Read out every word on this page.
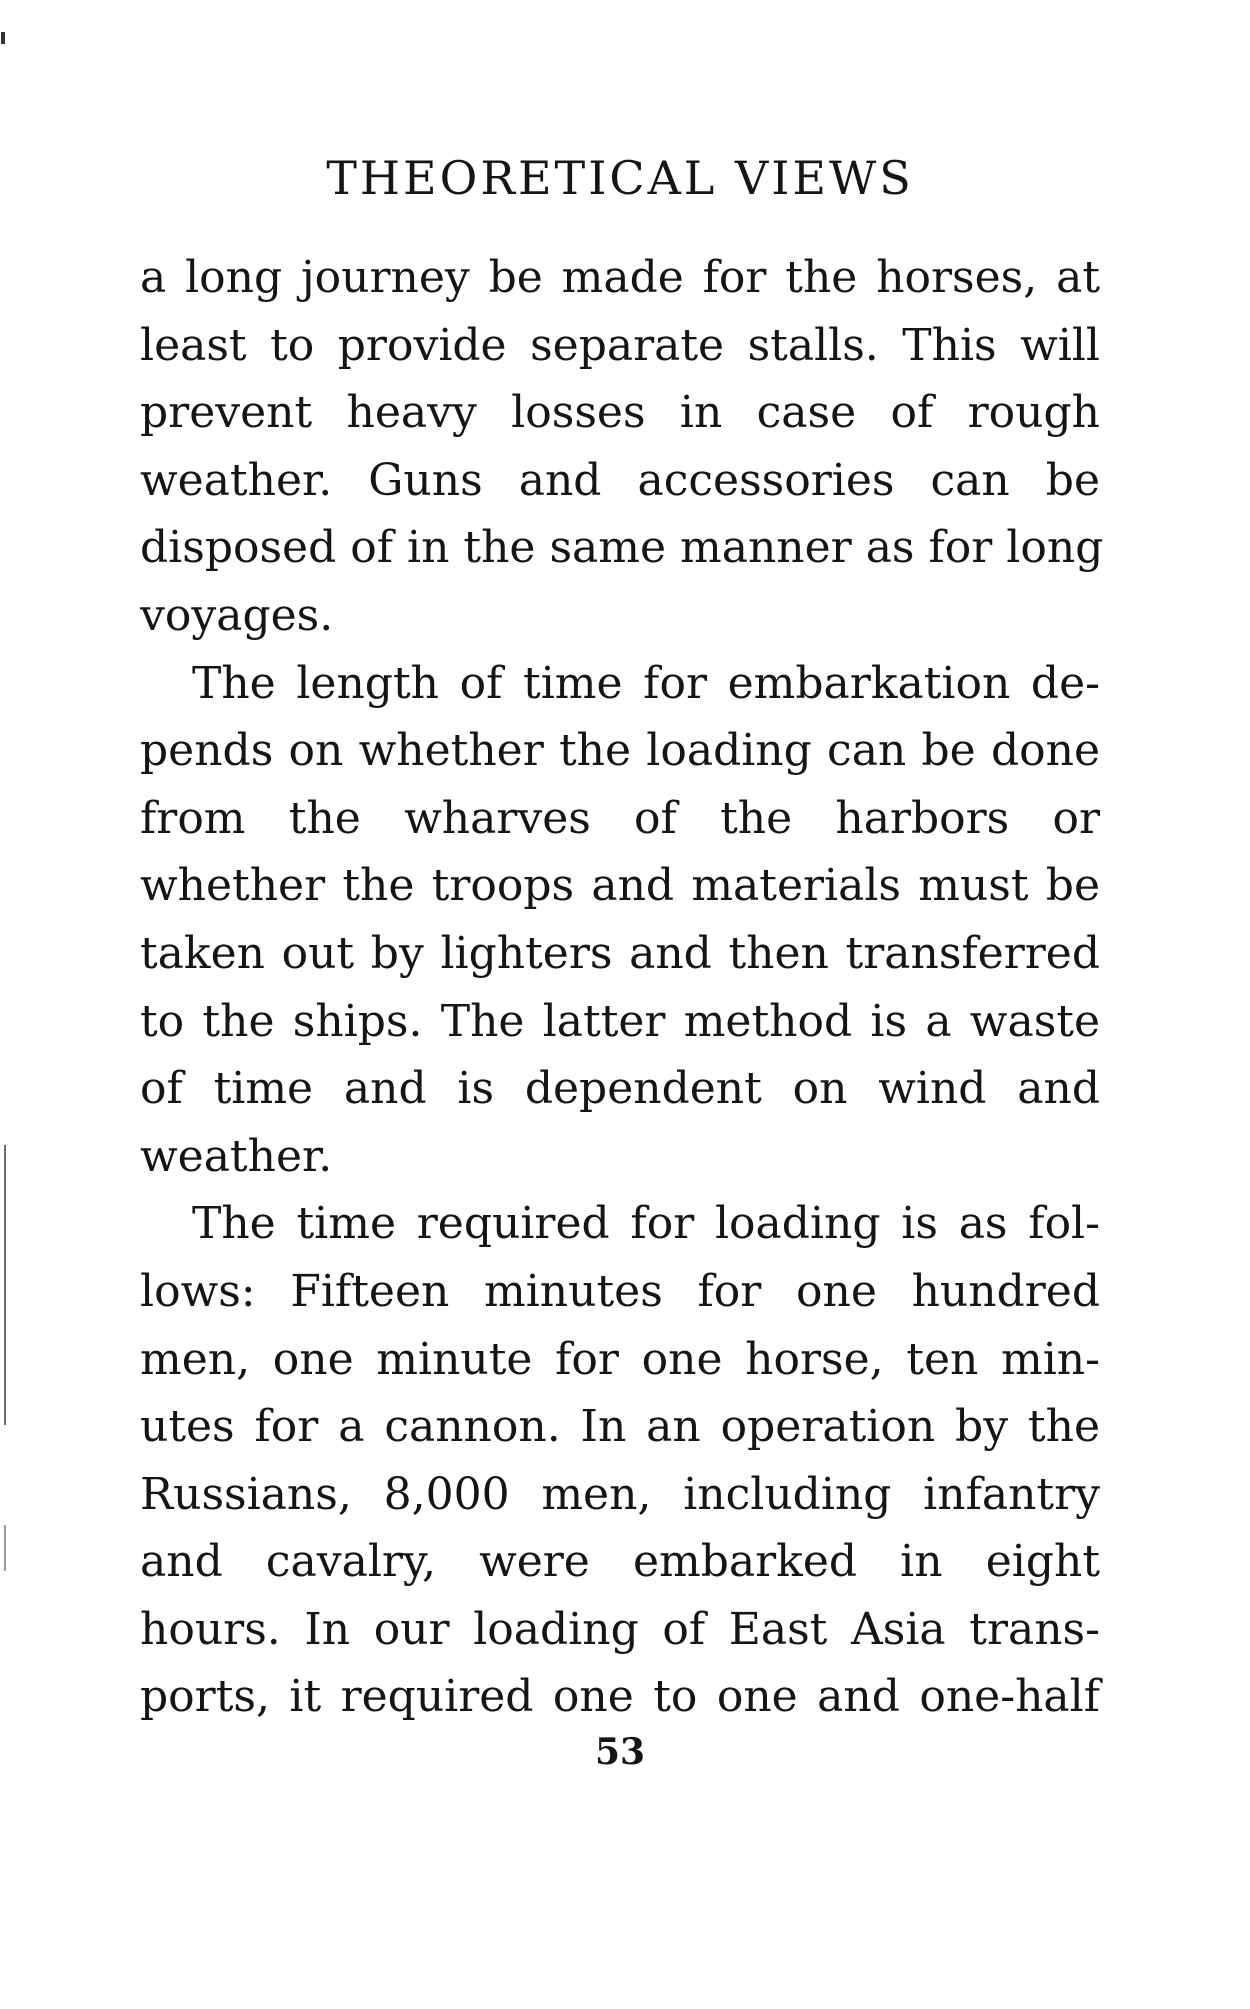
THEORETICAL VIEWS
a long journey be made for the horses, at
least to provide separate stalls. This will
prevent heavy losses in case of rough
weather. Guns and accessories can be
disposed of in the same manner as for long
voyages.
The length of time for embarkation de-
pends on whether the loading can be done
from the wharves of the harbors or
whether the troops and materials must be
taken out by lighters and then transferred
to the ships. The latter method is a waste
of time and is dependent on wind and
weather.
The time required for loading is as fol-
lows: Fifteen minutes for one hundred
men, one minute for one horse, ten min-
utes for a cannon. In an operation by the
Russians, 8,000 men, including infantry
and cavalry, were embarked in eight
hours. In our loading of East Asia trans-
ports, it required one to one and one-half
53
